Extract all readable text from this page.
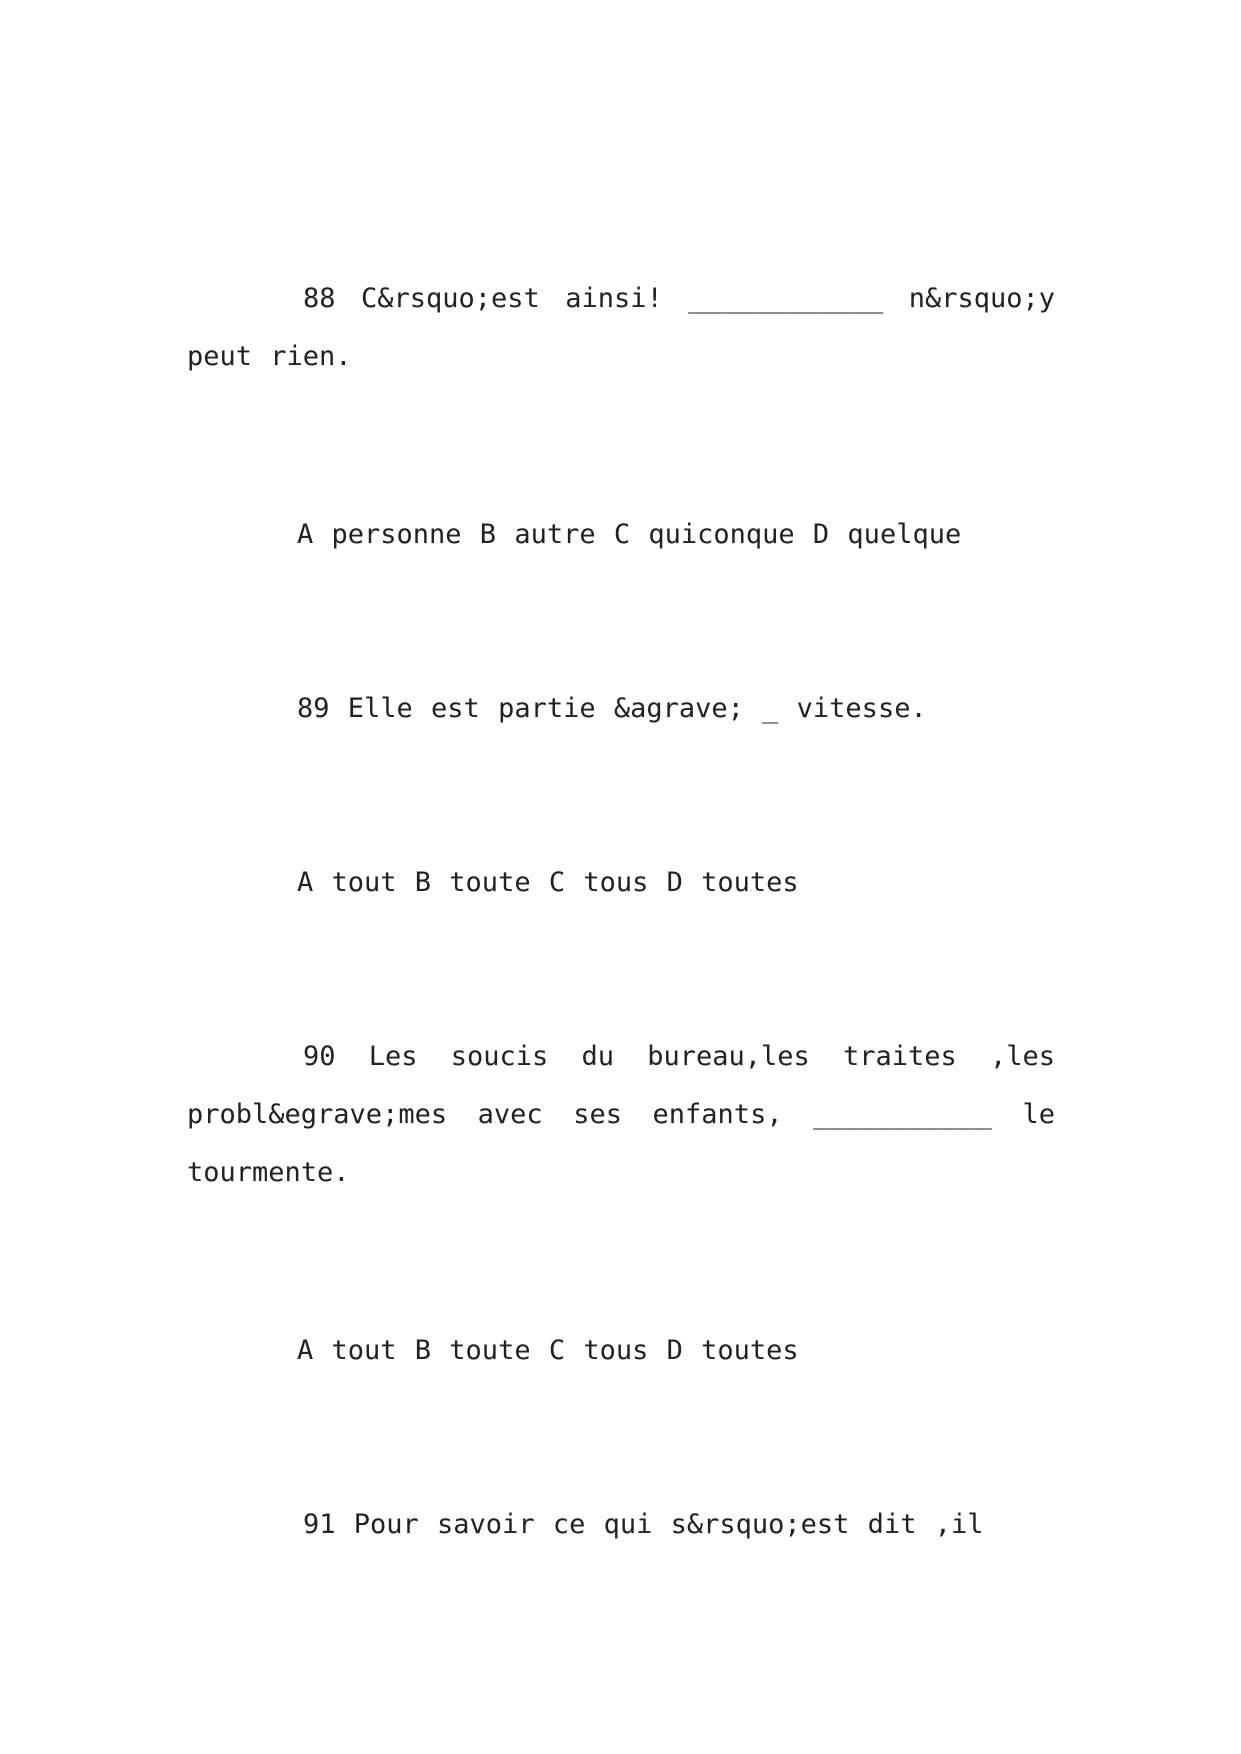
88 C&rsquo;est ainsi! ____________ n&rsquo;y peut rien.

A personne B autre C quiconque D quelque

89 Elle est partie &agrave; _ vitesse.

A tout B toute C tous D toutes

90 Les soucis du bureau,les traites ,les probl&egrave;mes avec ses enfants, ___________ le tourmente.

A tout B toute C tous D toutes

91 Pour savoir ce qui s&rsquo;est dit ,il
